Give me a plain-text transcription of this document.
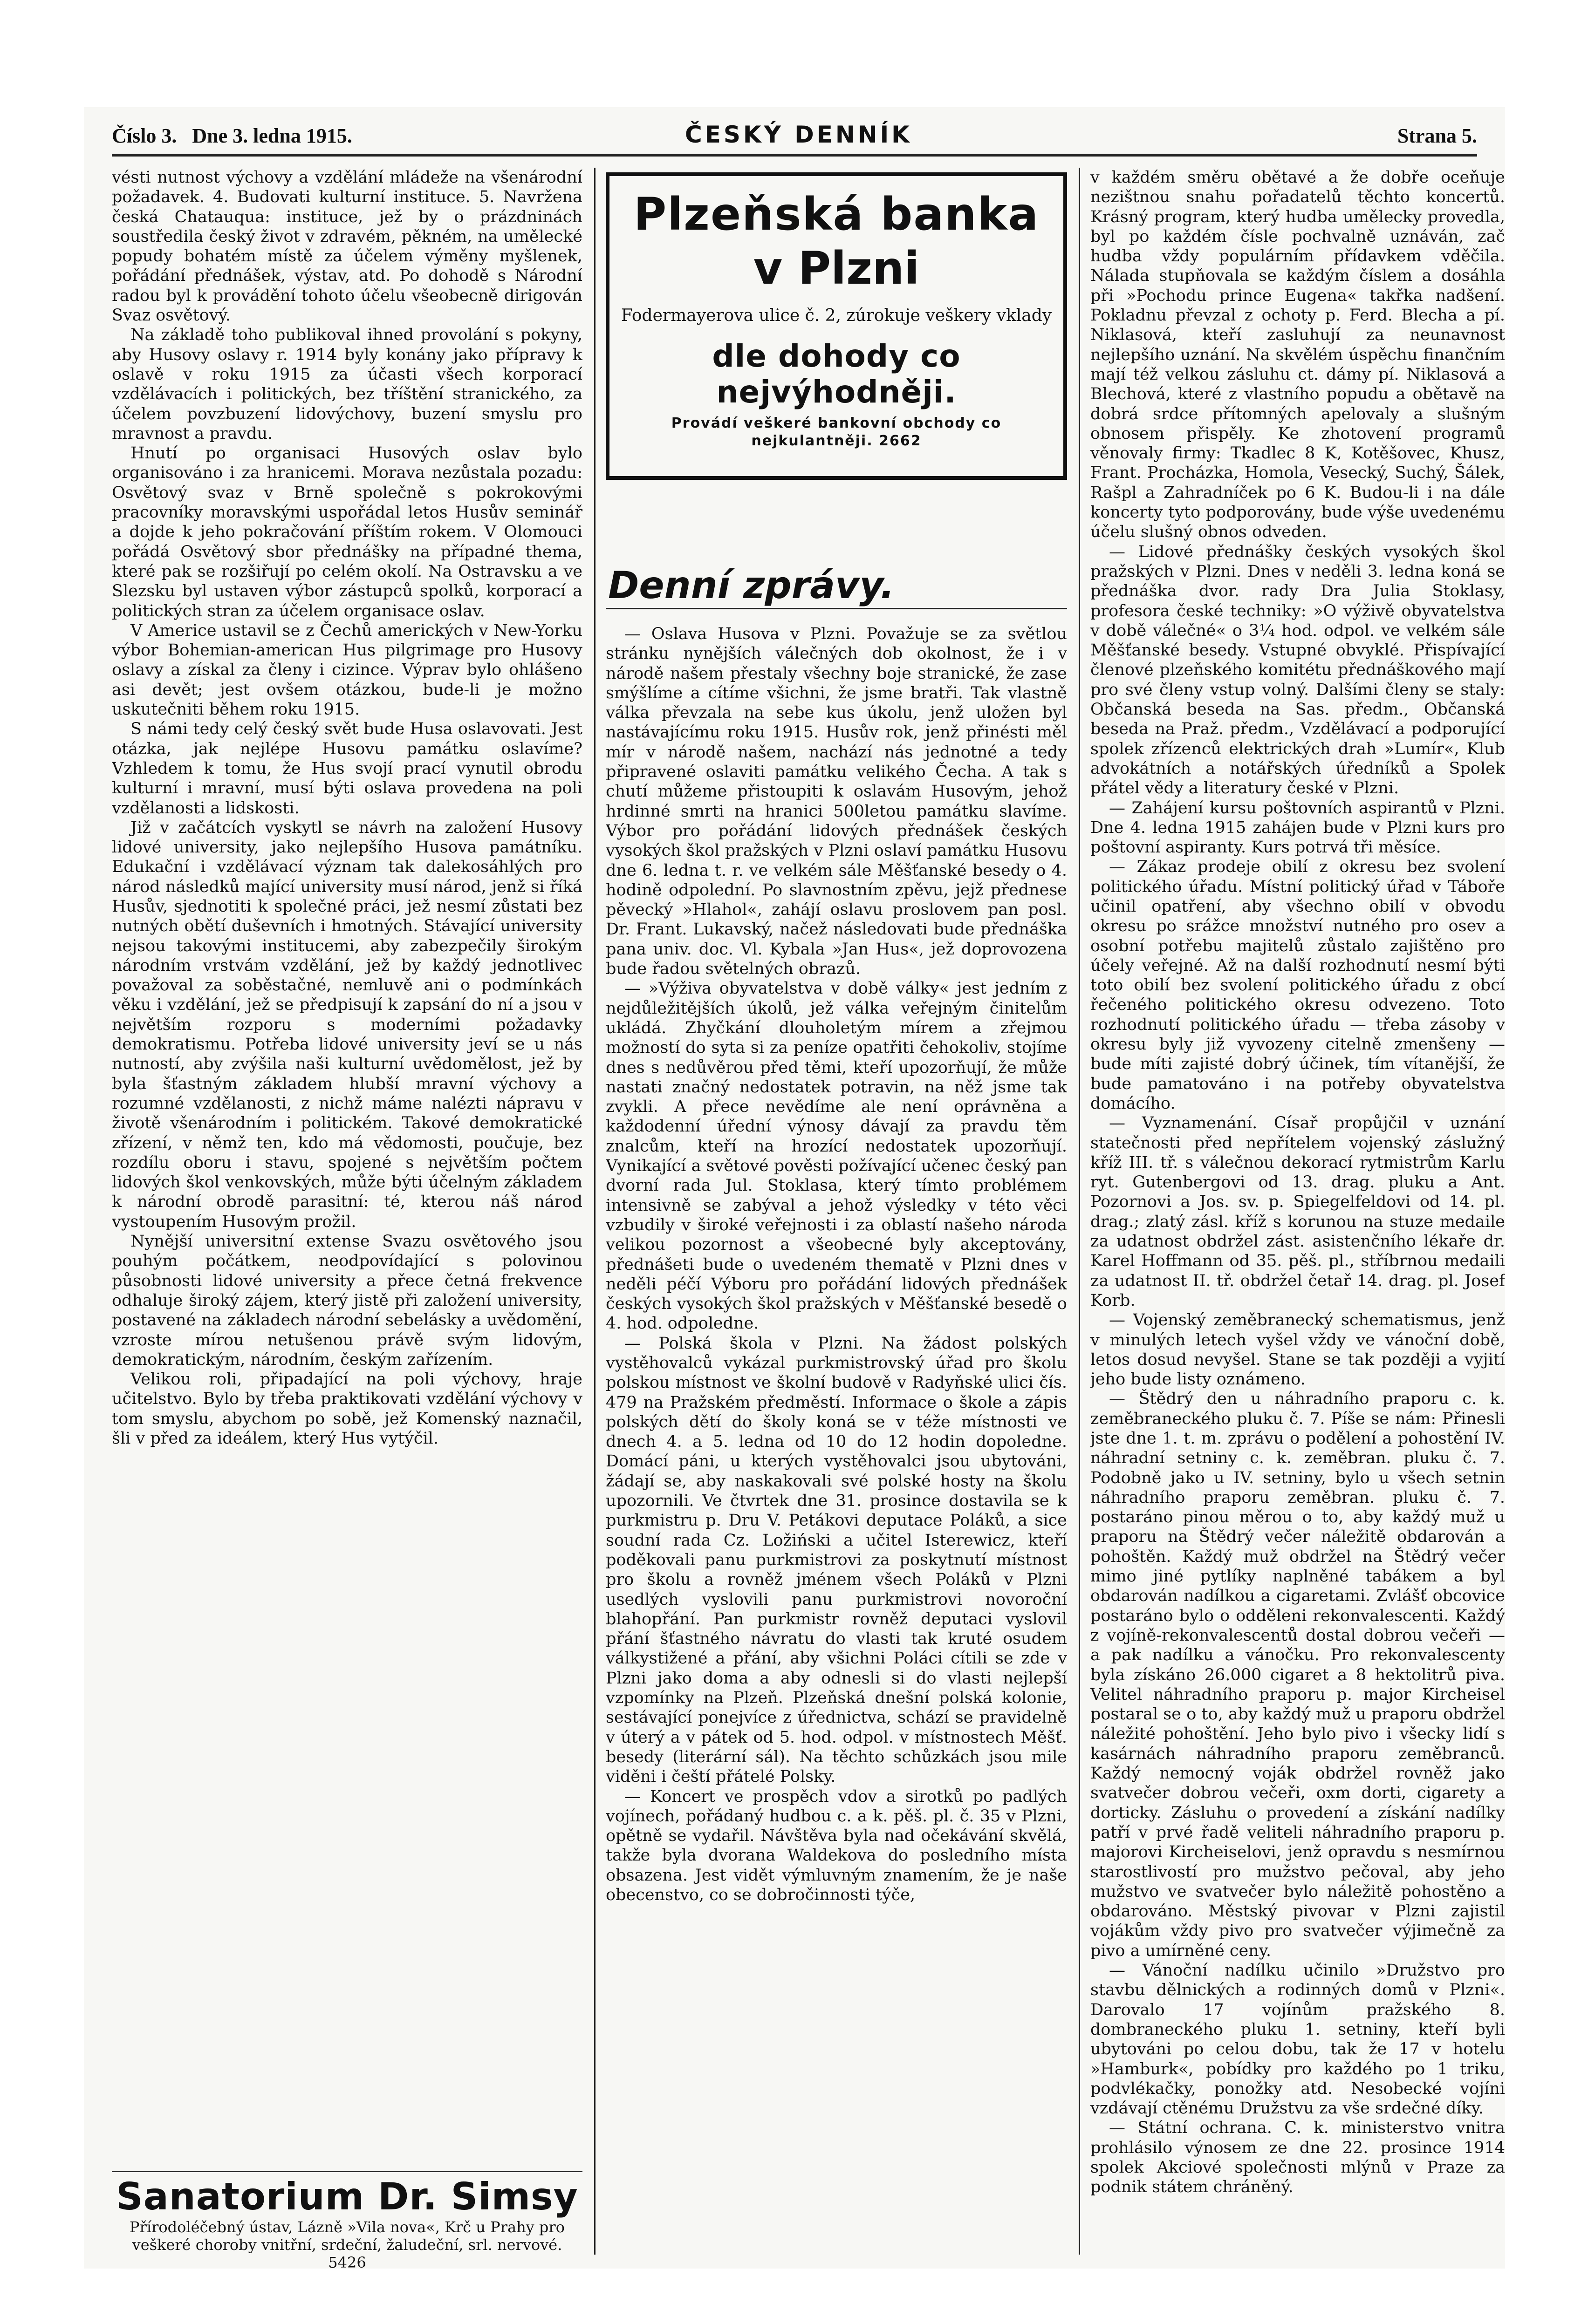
Číslo 3. Dne 3. ledna 1915.	ČESKÝ DENNÍK	Strana 5.

vésti nutnost výchovy a vzdělání mládeže na všenárodní požadavek. 4. Budovati kulturní instituce. 5. Navržena česká Chatauqua: instituce, jež by o prázdninách soustředila český život v zdravém, pěkném, na umělecké popudy bohatém místě za účelem výměny myšlenek, pořádání přednášek, výstav, atd. Po dohodě s Národní radou byl k provádění tohoto účelu všeobecně dirigován Svaz osvětový.

Na základě toho publikoval ihned provolání s pokyny, aby Husovy oslavy r. 1914 byly konány jako přípravy k oslavě v roku 1915 za účasti všech korporací vzdělávacích i politických, bez tříštění stranického, za účelem povzbuzení lidovýchovy, buzení smyslu pro mravnost a pravdu.

Hnutí po organisaci Husových oslav bylo organisováno i za hranicemi. Morava nezůstala pozadu: Osvětový svaz v Brně společně s pokrokovými pracovníky moravskými uspořádal letos Husův seminář a dojde k jeho pokračování příštím rokem. V Olomouci pořádá Osvětový sbor přednášky na případné thema, které pak se rozšiřují po celém okolí. Na Ostravsku a ve Slezsku byl ustaven výbor zástupců spolků, korporací a politických stran za účelem organisace oslav.

V Americe ustavil se z Čechů amerických v New-Yorku výbor Bohemian-american Hus pilgrimage pro Husovy oslavy a získal za členy i cizince. Výprav bylo ohlášeno asi devět; jest ovšem otázkou, bude-li je možno uskutečniti během roku 1915.

S námi tedy celý český svět bude Husa oslavovati. Jest otázka, jak nejlépe Husovu památku oslavíme? Vzhledem k tomu, že Hus svojí prací vynutil obrodu kulturní i mravní, musí býti oslava provedena na poli vzdělanosti a lidskosti.

Již v začátcích vyskytl se návrh na založení Husovy lidové university, jako nejlepšího Husova památníku. Edukační i vzdělávací význam tak dalekosáhlých pro národ následků mající university musí národ, jenž si říká Husův, sjednotiti k společné práci, jež nesmí zůstati bez nutných obětí duševních i hmotných. Stávající university nejsou takovými institucemi, aby zabezpečily širokým národním vrstvám vzdělání, jež by každý jednotlivec považoval za soběstačné, nemluvě ani o podmínkách věku i vzdělání, jež se předpisují k zapsání do ní a jsou v největším rozporu s moderními požadavky demokratismu. Potřeba lidové university jeví se u nás nutností, aby zvýšila naši kulturní uvědomělost, jež by byla šťastným základem hlubší mravní výchovy a rozumné vzdělanosti, z nichž máme nalézti nápravu v životě všenárodním i politickém. Takové demokratické zřízení, v němž ten, kdo má vědomosti, poučuje, bez rozdílu oboru i stavu, spojené s největším počtem lidových škol venkovských, může býti účelným základem k národní obrodě parasitní: té, kterou náš národ vystoupením Husovým prožil.

Nynější universitní extense Svazu osvětového jsou pouhým počátkem, neodpovídající s polovinou působnosti lidové university a přece četná frekvence odhaluje široký zájem, který jistě při založení university, postavené na základech národní sebelásky a uvědomění, vzroste mírou netušenou právě svým lidovým, demokratickým, národním, českým zařízením.

Velikou roli, připadající na poli výchovy, hraje učitelstvo. Bylo by třeba praktikovati vzdělání výchovy v tom smyslu, abychom po sobě, jež Komenský naznačil, šli v před za ideálem, který Hus vytýčil.

Sanatorium Dr. Simsy
Přírodoléčebný ústav, Lázně »Vila nova«, Krč u Prahy pro veškeré choroby vnitřní, srdeční, žaludeční, srl. nervové. 5426
Plzeňská banka
v Plzni
Fodermayerova ulice č. 2, zúrokuje veškery vklady
dle dohody co nejvýhodněji.
Provádí veškeré bankovní obchody co nejkulantněji. 2662
Denní zprávy.

— Oslava Husova v Plzni. Považuje se za světlou stránku nynějších válečných dob okolnost, že i v národě našem přestaly všechny boje stranické, že zase smýšlíme a cítíme všichni, že jsme bratři. Tak vlastně válka převzala na sebe kus úkolu, jenž uložen byl nastávajícímu roku 1915. Husův rok, jenž přinésti měl mír v národě našem, nachází nás jednotné a tedy připravené oslaviti památku velikého Čecha. A tak s chutí můžeme přistoupiti k oslavám Husovým, jehož hrdinné smrti na hranici 500letou památku slavíme. Výbor pro pořádání lidových přednášek českých vysokých škol pražských v Plzni oslaví památku Husovu dne 6. ledna t. r. ve velkém sále Měšťanské besedy o 4. hodině odpolední. Po slavnostním zpěvu, jejž přednese pěvecký »Hlahol«, zahájí oslavu proslovem pan posl. Dr. Frant. Lukavský, načež následovati bude přednáška pana univ. doc. Vl. Kybala »Jan Hus«, jež doprovozena bude řadou světelných obrazů.

— »Výživa obyvatelstva v době války« jest jedním z nejdůležitějších úkolů, jež válka veřejným činitelům ukládá. Zhyčkání dlouholetým mírem a zřejmou možností do syta si za peníze opatřiti čehokoliv, stojíme dnes s nedůvěrou před těmi, kteří upozorňují, že může nastati značný nedostatek potravin, na něž jsme tak zvykli. A přece nevědíme ale není oprávněna a každodenní úřední výnosy dávají za pravdu těm znalcům, kteří na hrozící nedostatek upozorňují. Vynikající a světové pověsti požívající učenec český pan dvorní rada Jul. Stoklasa, který tímto problémem intensivně se zabýval a jehož výsledky v této věci vzbudily v široké veřejnosti i za oblastí našeho národa velikou pozornost a všeobecné byly akceptovány, přednášeti bude o uvedeném thematě v Plzni dnes v neděli péčí Výboru pro pořádání lidových přednášek českých vysokých škol pražských v Měšťanské besedě o 4. hod. odpoledne.

— Polská škola v Plzni. Na žádost polských vystěhovalců vykázal purkmistrovský úřad pro školu polskou místnost ve školní budově v Radyňské ulici čís. 479 na Pražském předměstí. Informace o škole a zápis polských dětí do školy koná se v téže místnosti ve dnech 4. a 5. ledna od 10 do 12 hodin dopoledne. Domácí páni, u kterých vystěhovalci jsou ubytováni, žádají se, aby naskakovali své polské hosty na školu upozornili. Ve čtvrtek dne 31. prosince dostavila se k purkmistru p. Dru V. Petákovi deputace Poláků, a sice soudní rada Cz. Ložiński a učitel Isterewicz, kteří poděkovali panu purkmistrovi za poskytnutí místnost pro školu a rovněž jménem všech Poláků v Plzni usedlých vyslovili panu purkmistrovi novoroční blahopřání. Pan purkmistr rovněž deputaci vyslovil přání šťastného návratu do vlasti tak kruté osudem válkystižené a přání, aby všichni Poláci cítili se zde v Plzni jako doma a aby odnesli si do vlasti nejlepší vzpomínky na Plzeň. Plzeňská dnešní polská kolonie, sestávající ponejvíce z úřednictva, schází se pravidelně v úterý a v pátek od 5. hod. odpol. v místnostech Měšť. besedy (literární sál). Na těchto schůzkách jsou mile viděni i čeští přátelé Polsky.

— Koncert ve prospěch vdov a sirotků po padlých vojínech, pořádaný hudbou c. a k. pěš. pl. č. 35 v Plzni, opětně se vydařil. Návštěva byla nad očekávání skvělá, takže byla dvorana Waldekova do posledního místa obsazena. Jest vidět výmluvným znamením, že je naše obecenstvo, co se dobročinnosti týče,

v každém směru obětavé a že dobře oceňuje nezištnou snahu pořadatelů těchto koncertů. Krásný program, který hudba umělecky provedla, byl po každém čísle pochvalně uznáván, zač hudba vždy populárním přídavkem vděčila. Nálada stupňovala se každým číslem a dosáhla při »Pochodu prince Eugena« takřka nadšení. Pokladnu převzal z ochoty p. Ferd. Blecha a pí. Niklasová, kteří zasluhují za neunavnost nejlepšího uznání. Na skvělém úspěchu finančním mají též velkou zásluhu ct. dámy pí. Niklasová a Blechová, které z vlastního popudu a obětavě na dobrá srdce přítomných apelovaly a slušným obnosem přispěly. Ke zhotovení programů věnovaly firmy: Tkadlec 8 K, Kotěšovec, Khusz, Frant. Procházka, Homola, Vesecký, Suchý, Šálek, Rašpl a Zahradníček po 6 K. Budou-li i na dále koncerty tyto podporovány, bude výše uvedenému účelu slušný obnos odveden.

— Lidové přednášky českých vysokých škol pražských v Plzni. Dnes v neděli 3. ledna koná se přednáška dvor. rady Dra Julia Stoklasy, profesora české techniky: »O výživě obyvatelstva v době válečné« o 3¼ hod. odpol. ve velkém sále Měšťanské besedy. Vstupné obvyklé. Přispívající členové plzeňského komitétu přednáškového mají pro své členy vstup volný. Dalšími členy se staly: Občanská beseda na Sas. předm., Občanská beseda na Praž. předm., Vzdělávací a podporující spolek zřízenců elektrických drah »Lumír«, Klub advokátních a notářských úředníků a Spolek přátel vědy a literatury české v Plzni.

— Zahájení kursu poštovních aspirantů v Plzni. Dne 4. ledna 1915 zahájen bude v Plzni kurs pro poštovní aspiranty. Kurs potrvá tři měsíce.

— Zákaz prodeje obilí z okresu bez svolení politického úřadu. Místní politický úřad v Táboře učinil opatření, aby všechno obilí v obvodu okresu po srážce množství nutného pro osev a osobní potřebu majitelů zůstalo zajištěno pro účely veřejné. Až na další rozhodnutí nesmí býti toto obilí bez svolení politického úřadu z obcí řečeného politického okresu odvezeno. Toto rozhodnutí politického úřadu — třeba zásoby v okresu byly již vyvozeny citelně zmenšeny — bude míti zajisté dobrý účinek, tím vítanější, že bude pamatováno i na potřeby obyvatelstva domácího.

— Vyznamenání. Císař propůjčil v uznání statečnosti před nepřítelem vojenský záslužný kříž III. tř. s válečnou dekorací rytmistrům Karlu ryt. Gutenbergovi od 13. drag. pluku a Ant. Pozornovi a Jos. sv. p. Spiegelfeldovi od 14. pl. drag.; zlatý zásl. kříž s korunou na stuze medaile za udatnost obdržel zást. asistenčního lékaře dr. Karel Hoffmann od 35. pěš. pl., stříbrnou medaili za udatnost II. tř. obdržel četař 14. drag. pl. Josef Korb.

— Vojenský zeměbranecký schematismus, jenž v minulých letech vyšel vždy ve vánoční době, letos dosud nevyšel. Stane se tak později a vyjití jeho bude listy oznámeno.

— Štědrý den u náhradního praporu c. k. zeměbraneckého pluku č. 7. Píše se nám: Přinesli jste dne 1. t. m. zprávu o podělení a pohostění IV. náhradní setniny c. k. zeměbran. pluku č. 7. Podobně jako u IV. setniny, bylo u všech setnin náhradního praporu zeměbran. pluku č. 7. postaráno pinou měrou o to, aby každý muž u praporu na Štědrý večer náležitě obdarován a pohoštěn. Každý muž obdržel na Štědrý večer mimo jiné pytlíky naplněné tabákem a byl obdarován nadílkou a cigaretami. Zvlášť obcovice postaráno bylo o odděleni rekonvalescenti. Každý z vojíně-rekonvalescentů dostal dobrou večeři — a pak nadílku a vánočku. Pro rekonvalescenty byla získáno 26.000 cigaret a 8 hektolitrů piva. Velitel náhradního praporu p. major Kircheisel postaral se o to, aby každý muž u praporu obdržel náležité pohoštění. Jeho bylo pivo i všecky lidí s kasárnách náhradního praporu zeměbranců. Každý nemocný voják obdržel rovněž jako svatvečer dobrou večeři, oxm dorti, cigarety a dorticky. Zásluhu o provedení a získání nadílky patří v prvé řadě veliteli náhradního praporu p. majorovi Kircheiselovi, jenž opravdu s nesmírnou starostlivostí pro mužstvo pečoval, aby jeho mužstvo ve svatvečer bylo náležitě pohostěno a obdarováno. Městský pivovar v Plzni zajistil vojákům vždy pivo pro svatvečer výjimečně za pivo a umírněné ceny.

— Vánoční nadílku učinilo »Družstvo pro stavbu dělnických a rodinných domů v Plzni«. Darovalo 17 vojínům pražského 8. dombraneckého pluku 1. setniny, kteří byli ubytováni po celou dobu, tak že 17 v hotelu »Hamburk«, pobídky pro každého po 1 triku, podvlékačky, ponožky atd. Nesobecké vojíni vzdávají ctěnému Družstvu za vše srdečné díky.

— Státní ochrana. C. k. ministerstvo vnitra prohlásilo výnosem ze dne 22. prosince 1914 spolek Akciové společnosti mlýnů v Praze za podnik státem chráněný.
